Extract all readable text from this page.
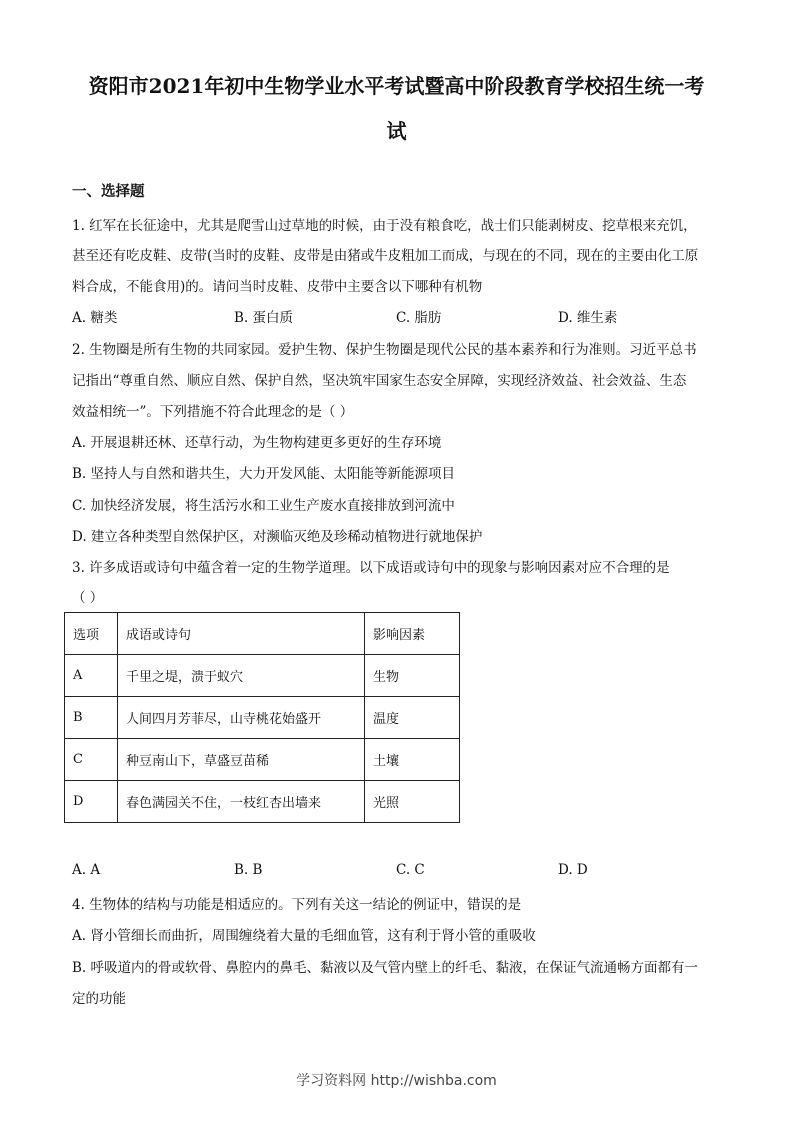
资阳市2021年初中生物学业水平考试暨高中阶段教育学校招生统一考
试
一、选择题
1. 红军在长征途中，尤其是爬雪山过草地的时候，由于没有粮食吃，战士们只能剥树皮、挖草根来充饥，
甚至还有吃皮鞋、皮带(当时的皮鞋、皮带是由猪或牛皮粗加工而成，与现在的不同，现在的主要由化工原
料合成，不能食用)的。请问当时皮鞋、皮带中主要含以下哪种有机物
A. 糖类	B. 蛋白质	C. 脂肪	D. 维生素
2. 生物圈是所有生物的共同家园。爱护生物、保护生物圈是现代公民的基本素养和行为准则。习近平总书
记指出“尊重自然、顺应自然、保护自然，坚决筑牢国家生态安全屏障，实现经济效益、社会效益、生态
效益相统一”。下列措施不符合此理念的是（ ）
A. 开展退耕还林、还草行动，为生物构建更多更好的生存环境
B. 坚持人与自然和谐共生，大力开发风能、太阳能等新能源项目
C. 加快经济发展，将生活污水和工业生产废水直接排放到河流中
D. 建立各种类型自然保护区，对濒临灭绝及珍稀动植物进行就地保护
3. 许多成语或诗句中蕴含着一定的生物学道理。以下成语或诗句中的现象与影响因素对应不合理的是
（ ）
选项	成语或诗句	影响因素
A	千里之堤，溃于蚁穴	生物
B	人间四月芳菲尽，山寺桃花始盛开	温度
C	种豆南山下，草盛豆苗稀	土壤
D	春色满园关不住，一枝红杏出墙来	光照
A. A	B. B	C. C	D. D
4. 生物体的结构与功能是相适应的。下列有关这一结论的例证中，错误的是
A. 肾小管细长而曲折，周围缠绕着大量的毛细血管，这有利于肾小管的重吸收
B. 呼吸道内的骨或软骨、鼻腔内的鼻毛、黏液以及气管内壁上的纤毛、黏液，在保证气流通畅方面都有一
定的功能
学习资料网 http://wishba.com
